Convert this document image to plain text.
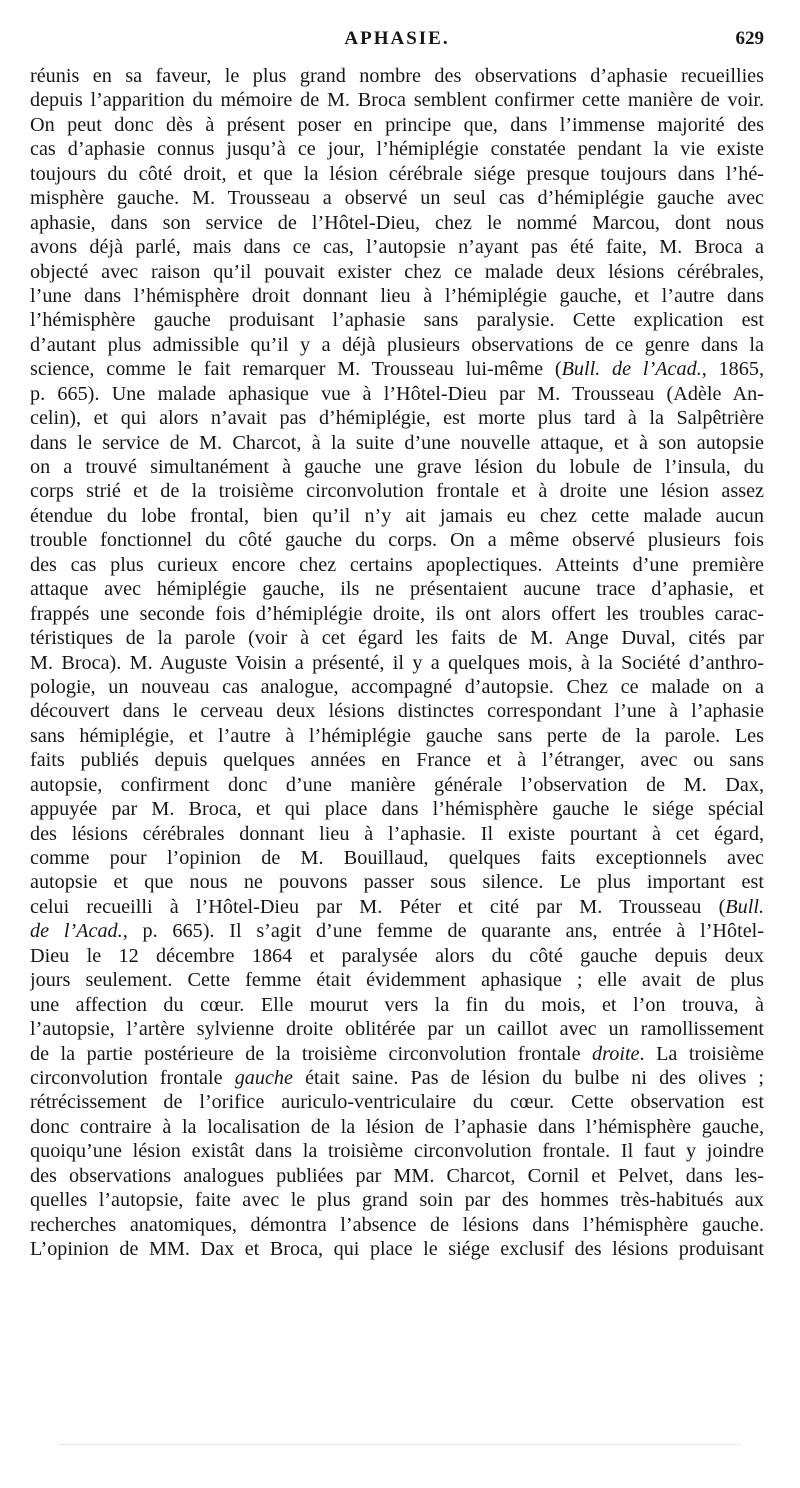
APHASIE.	629
réunis en sa faveur, le plus grand nombre des observations d’aphasie recueillies
depuis l’apparition du mémoire de M. Broca semblent confirmer cette manière de voir.
On peut donc dès à présent poser en principe que, dans l’immense majorité des
cas d’aphasie connus jusqu’à ce jour, l’hémiplégie constatée pendant la vie existe
toujours du côté droit, et que la lésion cérébrale siége presque toujours dans l’hé-
misphère gauche. M. Trousseau a observé un seul cas d’hémiplégie gauche avec
aphasie, dans son service de l’Hôtel-Dieu, chez le nommé Marcou, dont nous
avons déjà parlé, mais dans ce cas, l’autopsie n’ayant pas été faite, M. Broca a
objecté avec raison qu’il pouvait exister chez ce malade deux lésions cérébrales,
l’une dans l’hémisphère droit donnant lieu à l’hémiplégie gauche, et l’autre dans
l’hémisphère gauche produisant l’aphasie sans paralysie. Cette explication est
d’autant plus admissible qu’il y a déjà plusieurs observations de ce genre dans la
science, comme le fait remarquer M. Trousseau lui-même (Bull. de l’Acad., 1865,
p. 665). Une malade aphasique vue à l’Hôtel-Dieu par M. Trousseau (Adèle An-
celin), et qui alors n’avait pas d’hémiplégie, est morte plus tard à la Salpêtrière
dans le service de M. Charcot, à la suite d’une nouvelle attaque, et à son autopsie
on a trouvé simultanément à gauche une grave lésion du lobule de l’insula, du
corps strié et de la troisième circonvolution frontale et à droite une lésion assez
étendue du lobe frontal, bien qu’il n’y ait jamais eu chez cette malade aucun
trouble fonctionnel du côté gauche du corps. On a même observé plusieurs fois
des cas plus curieux encore chez certains apoplectiques. Atteints d’une première
attaque avec hémiplégie gauche, ils ne présentaient aucune trace d’aphasie, et
frappés une seconde fois d’hémiplégie droite, ils ont alors offert les troubles carac-
téristiques de la parole (voir à cet égard les faits de M. Ange Duval, cités par
M. Broca). M. Auguste Voisin a présenté, il y a quelques mois, à la Société d’anthro-
pologie, un nouveau cas analogue, accompagné d’autopsie. Chez ce malade on a
découvert dans le cerveau deux lésions distinctes correspondant l’une à l’aphasie
sans hémiplégie, et l’autre à l’hémiplégie gauche sans perte de la parole. Les
faits publiés depuis quelques années en France et à l’étranger, avec ou sans
autopsie, confirment donc d’une manière générale l’observation de M. Dax,
appuyée par M. Broca, et qui place dans l’hémisphère gauche le siége spécial
des lésions cérébrales donnant lieu à l’aphasie. Il existe pourtant à cet égard,
comme pour l’opinion de M. Bouillaud, quelques faits exceptionnels avec
autopsie et que nous ne pouvons passer sous silence. Le plus important est
celui recueilli à l’Hôtel-Dieu par M. Péter et cité par M. Trousseau (Bull.
de l’Acad., p. 665). Il s’agit d’une femme de quarante ans, entrée à l’Hôtel-
Dieu le 12 décembre 1864 et paralysée alors du côté gauche depuis deux
jours seulement. Cette femme était évidemment aphasique ; elle avait de plus
une affection du cœur. Elle mourut vers la fin du mois, et l’on trouva, à
l’autopsie, l’artère sylvienne droite oblitérée par un caillot avec un ramollissement
de la partie postérieure de la troisième circonvolution frontale droite. La troisième
circonvolution frontale gauche était saine. Pas de lésion du bulbe ni des olives ;
rétrécissement de l’orifice auriculo-ventriculaire du cœur. Cette observation est
donc contraire à la localisation de la lésion de l’aphasie dans l’hémisphère gauche,
quoiqu’une lésion existât dans la troisième circonvolution frontale. Il faut y joindre
des observations analogues publiées par MM. Charcot, Cornil et Pelvet, dans les-
quelles l’autopsie, faite avec le plus grand soin par des hommes très-habitués aux
recherches anatomiques, démontra l’absence de lésions dans l’hémisphère gauche.
L’opinion de MM. Dax et Broca, qui place le siége exclusif des lésions produisant
